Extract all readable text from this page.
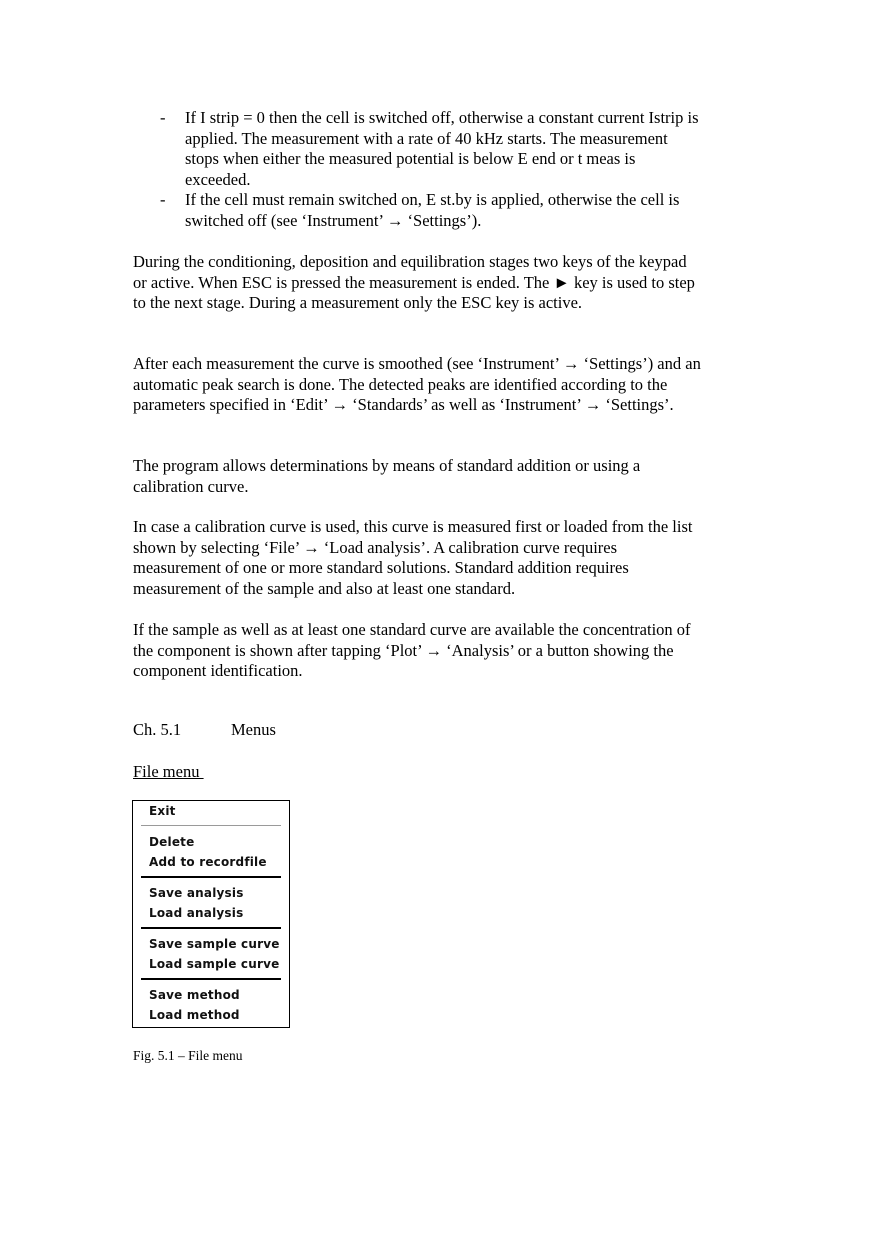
- If I strip = 0 then the cell is switched off, otherwise a constant current Istrip is applied. The measurement with a rate of 40 kHz starts. The measurement stops when either the measured potential is below E end or t meas is exceeded.
- If the cell must remain switched on, E st.by is applied, otherwise the cell is switched off (see ‘Instrument’ → ‘Settings’).

During the conditioning, deposition and equilibration stages two keys of the keypad or active. When ESC is pressed the measurement is ended. The ► key is used to step to the next stage. During a measurement only the ESC key is active.

After each measurement the curve is smoothed (see ‘Instrument’ → ‘Settings’) and an automatic peak search is done. The detected peaks are identified according to the parameters specified in ‘Edit’ → ‘Standards’ as well as ‘Instrument’ → ‘Settings’.

The program allows determinations by means of standard addition or using a calibration curve.

In case a calibration curve is used, this curve is measured first or loaded from the list shown by selecting ‘File’ → ‘Load analysis’. A calibration curve requires measurement of one or more standard solutions. Standard addition requires measurement of the sample and also at least one standard.

If the sample as well as at least one standard curve are available the concentration of the component is shown after tapping ‘Plot’ → ‘Analysis’ or a button showing the component identification.

Ch. 5.1	Menus
File menu
Exit
Delete
Add to recordfile
Save analysis
Load analysis
Save sample curve
Load sample curve
Save method
Load method
Fig. 5.1 – File menu
